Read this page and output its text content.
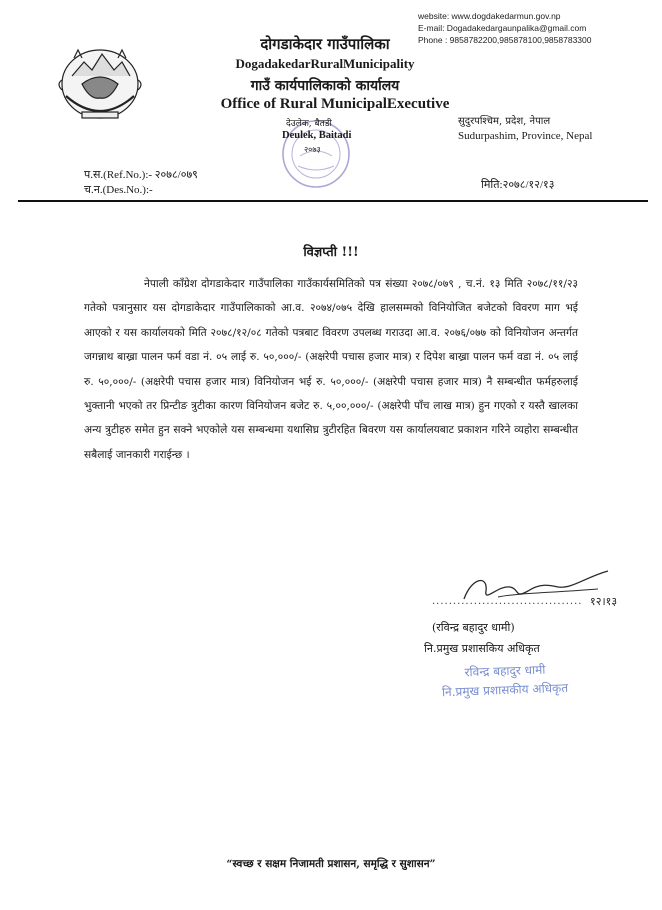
website: www.dogdakedarmun.gov.np
E-mail: Dogadakedargaunpalika@gmail.com
Phone : 9858782200,985878100,9858783300
दोगडाकेदार गाउँपालिका
DogadakedarRuralMunicipality
गाउँ कार्यपालिकाको कार्यालय
Office of Rural MunicipalExecutive
देउलेक, बैतडी
Deulek, Baitadi
२०७३
सुदुरपश्चिम, प्रदेश, नेपाल
Sudurpashim, Province, Nepal
प.स.(Ref.No.):- २०७८/०७९
च.न.(Des.No.):-	मिति:२०७८/१२/१३
विज्ञप्ती !!!
नेपाली काँग्रेश दोगडाकेदार गाउँपालिका गाउँकार्यसमितिको पत्र संख्या २०७८/०७९ , च.नं. १३ मिति २०७८/११/२३ गतेको पत्रानुसार यस दोगडाकेदार गाउँपालिकाको आ.व. २०७४/०७५ देखि हालसम्मको विनियोजित बजेटको विवरण माग भई आएको र यस कार्यालयको मिति २०७८/१२/०८ गतेको पत्रबाट विवरण उपलब्ध गराउदा आ.व. २०७६/०७७ को विनियोजन अन्तर्गत जगन्नाथ बाख्रा पालन फर्म वडा नं. ०५ लाई रु. ५०,०००/- (अक्षरेपी पचास हजार मात्र) र दिपेश बाख्रा पालन फर्म वडा नं. ०५ लाई रु. ५०,०००/- (अक्षरेपी पचास हजार मात्र) विनियोजन भई रु. ५०,०००/- (अक्षरेपी पचास हजार मात्र) नै सम्बन्धीत फर्महरुलाई भुक्तानी भएको तर प्रिन्टीङ त्रुटीका कारण विनियोजन बजेट रु. ५,००,०००/- (अक्षरेपी पाँच लाख मात्र) हुन गएको र यस्तै खालका अन्य त्रुटीहरु समेत हुन सक्ने भएकोले यस सम्बन्धमा यथासिघ्र त्रुटीरहित बिवरण यस कार्यालयबाट प्रकाशन गरिने व्यहोरा सम्बन्धीत सबैलाई जानकारी गराईन्छ ।
.................................... १२।१३
(रविन्द्र बहादुर धामी)
नि.प्रमुख प्रशासकिय अधिकृत
रविन्द्र बहादुर धामी
नि.प्रमुख प्रशासकीय अधिकृत
“स्वच्छ र सक्षम निजामती प्रशासन, समृद्धि र सुशासन”
